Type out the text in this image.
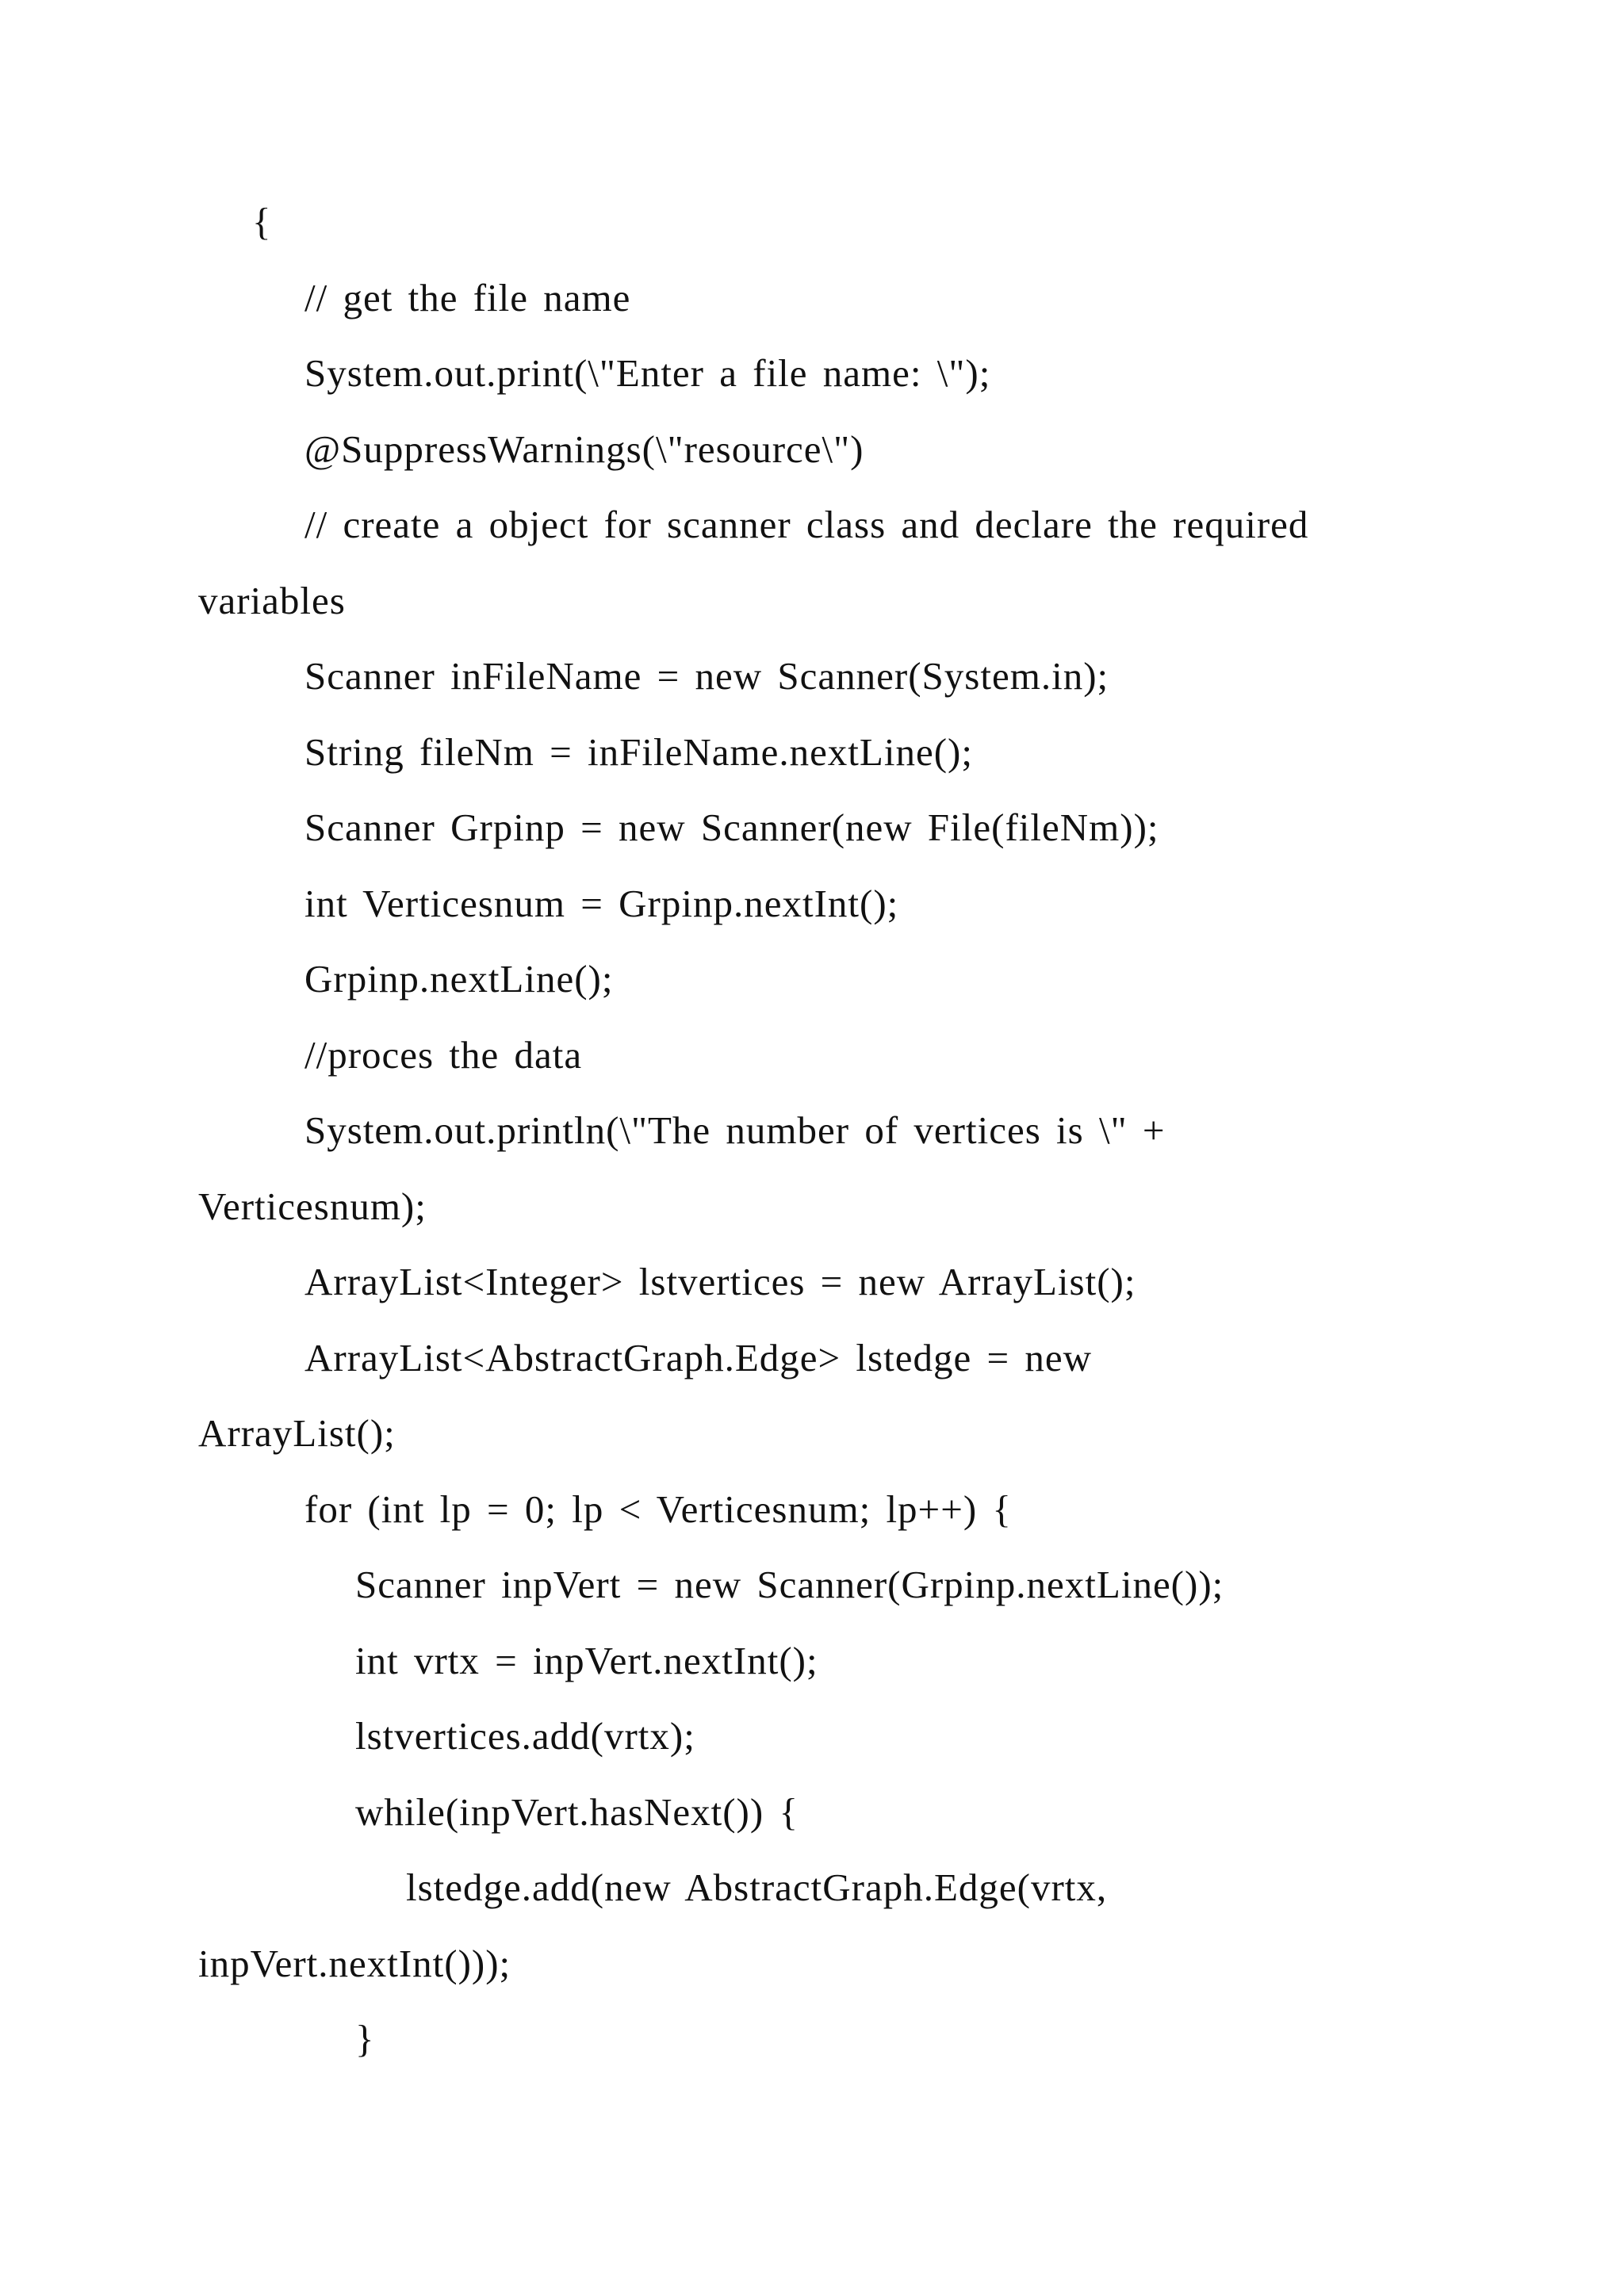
{
// get the file name
System.out.print(\"Enter a file name: \");
@SuppressWarnings(\"resource\")
// create a object for scanner class and declare the required
variables
Scanner inFileName = new Scanner(System.in);
String fileNm = inFileName.nextLine();
Scanner Grpinp = new Scanner(new File(fileNm));
int Verticesnum = Grpinp.nextInt();
Grpinp.nextLine();
//proces the data
System.out.println(\"The number of vertices is \" +
Verticesnum);
ArrayList<Integer> lstvertices = new ArrayList();
ArrayList<AbstractGraph.Edge> lstedge = new
ArrayList();
for (int lp = 0; lp < Verticesnum; lp++) {
Scanner inpVert = new Scanner(Grpinp.nextLine());
int vrtx = inpVert.nextInt();
lstvertices.add(vrtx);
while(inpVert.hasNext()) {
lstedge.add(new AbstractGraph.Edge(vrtx,
inpVert.nextInt()));
}
